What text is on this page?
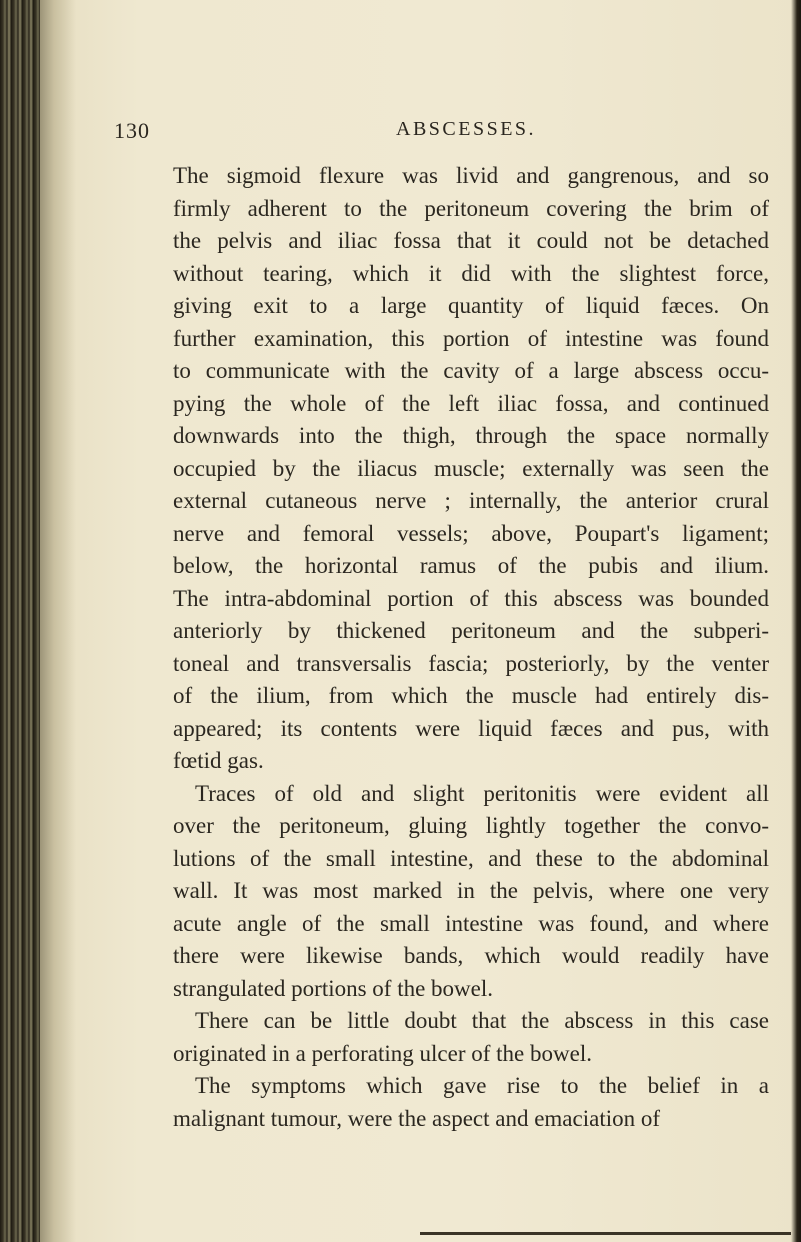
130	ABSCESSES.
The sigmoid flexure was livid and gangrenous, and so
firmly adherent to the peritoneum covering the brim of
the pelvis and iliac fossa that it could not be detached
without tearing, which it did with the slightest force,
giving exit to a large quantity of liquid fæces. On
further examination, this portion of intestine was found
to communicate with the cavity of a large abscess occu-
pying the whole of the left iliac fossa, and continued
downwards into the thigh, through the space normally
occupied by the iliacus muscle; externally was seen the
external cutaneous nerve ; internally, the anterior crural
nerve and femoral vessels; above, Poupart's ligament;
below, the horizontal ramus of the pubis and ilium.
The intra-abdominal portion of this abscess was bounded
anteriorly by thickened peritoneum and the subperi-
toneal and transversalis fascia; posteriorly, by the venter
of the ilium, from which the muscle had entirely dis-
appeared; its contents were liquid fæces and pus, with
fœtid gas.
Traces of old and slight peritonitis were evident all
over the peritoneum, gluing lightly together the convo-
lutions of the small intestine, and these to the abdominal
wall. It was most marked in the pelvis, where one very
acute angle of the small intestine was found, and where
there were likewise bands, which would readily have
strangulated portions of the bowel.
There can be little doubt that the abscess in this case
originated in a perforating ulcer of the bowel.
The symptoms which gave rise to the belief in a
malignant tumour, were the aspect and emaciation of
